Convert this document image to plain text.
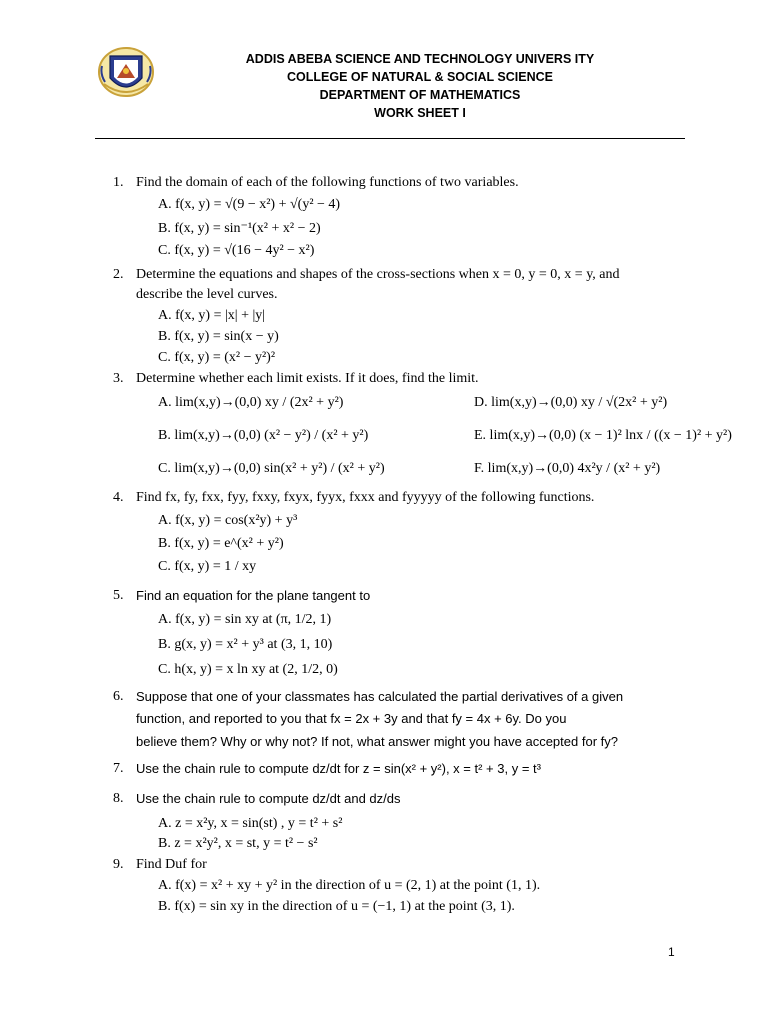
ADDIS ABEBA SCIENCE AND TECHNOLOGY UNIVERS ITY
COLLEGE OF NATURAL & SOCIAL SCIENCE
DEPARTMENT OF MATHEMATICS
WORK SHEET I
1. Find the domain of each of the following functions of two variables.
A. f(x, y) = √(9 − x²) + √(y² − 4)
B. f(x, y) = sin⁻¹(x² + x² − 2)
C. f(x, y) = √(16 − 4y² − x²)
2. Determine the equations and shapes of the cross-sections when x = 0, y = 0, x = y, and
describe the level curves.
A. f(x, y) = |x| + |y|
B. f(x, y) = sin(x − y)
C. f(x, y) = (x² − y²)²
3. Determine whether each limit exists. If it does, find the limit.
A. lim(x,y)→(0,0) xy / (2x² + y²)
B. lim(x,y)→(0,0) (x² − y²) / (x² + y²)
C. lim(x,y)→(0,0) sin(x² + y²) / (x² + y²)
D. lim(x,y)→(0,0) xy / √(2x² + y²)
E. lim(x,y)→(0,0) (x − 1)² lnx / ((x − 1)² + y²)
F. lim(x,y)→(0,0) 4x²y / (x² + y²)
4. Find fx, fy, fxx, fyy, fxxy, fxyx, fyyx, fxxx and fyyyyy of the following functions.
A. f(x, y) = cos(x²y) + y³
B. f(x, y) = e^(x² + y²)
C. f(x, y) = 1 / xy
5. Find an equation for the plane tangent to
A. f(x, y) = sin xy at (π, 1/2, 1)
B. g(x, y) = x² + y³ at (3, 1, 10)
C. h(x, y) = x ln xy at (2, 1/2, 0)
6. Suppose that one of your classmates has calculated the partial derivatives of a given
function, and reported to you that fx = 2x + 3y and that fy = 4x + 6y. Do you
believe them? Why or why not? If not, what answer might you have accepted for fy?
7. Use the chain rule to compute dz/dt for z = sin(x² + y²), x = t² + 3, y = t³
8. Use the chain rule to compute dz/dt and dz/ds
A. z = x²y, x = sin(st) , y = t² + s²
B. z = x²y², x = st, y = t² − s²
9. Find Duf for
A. f(x) = x² + xy + y² in the direction of u = (2, 1) at the point (1, 1).
B. f(x) = sin xy in the direction of u = (−1, 1) at the point (3, 1).
1
